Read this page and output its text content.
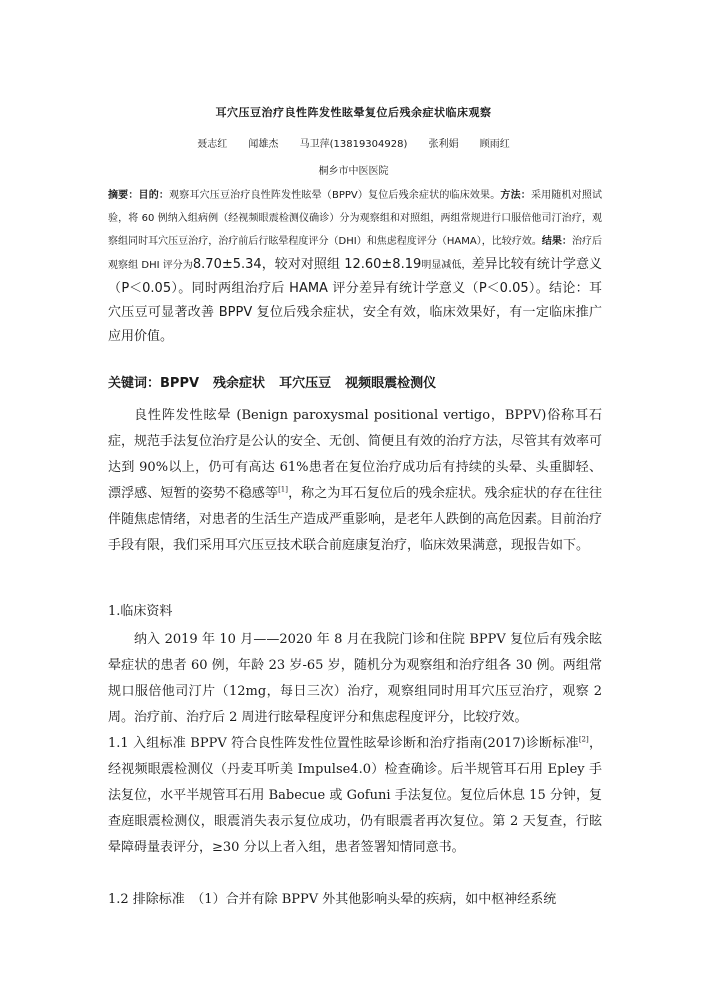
耳穴压豆治疗良性阵发性眩晕复位后残余症状临床观察
聂志红 闻雄杰 马卫萍(13819304928) 张利娟 顾雨红
桐乡市中医医院
摘要：目的：观察耳穴压豆治疗良性阵发性眩晕（BPPV）复位后残余症状的临床效果。方法：采用随机对照试验，将 60 例纳入组病例（经视频眼震检测仪确诊）分为观察组和对照组，两组常规进行口服倍他司汀治疗，观察组同时耳穴压豆治疗，治疗前后行眩晕程度评分（DHI）和焦虑程度评分（HAMA），比较疗效。结果：治疗后观察组 DHI 评分为8.70±5.34，较对对照组 12.60±8.19明显减低，差异比较有统计学意义（P＜0.05）。同时两组治疗后 HAMA 评分差异有统计学意义（P＜0.05）。结论：耳穴压豆可显著改善 BPPV 复位后残余症状，安全有效，临床效果好，有一定临床推广应用价值。
关键词：BPPV 残余症状 耳穴压豆 视频眼震检测仪
良性阵发性眩晕 (Benign paroxysmal positional vertigo，BPPV)俗称耳石症，规范手法复位治疗是公认的安全、无创、简便且有效的治疗方法，尽管其有效率可达到 90%以上，仍可有高达 61%患者在复位治疗成功后有持续的头晕、头重脚轻、漂浮感、短暂的姿势不稳感等[1]，称之为耳石复位后的残余症状。残余症状的存在往往伴随焦虑情绪，对患者的生活生产造成严重影响，是老年人跌倒的高危因素。目前治疗手段有限，我们采用耳穴压豆技术联合前庭康复治疗，临床效果满意，现报告如下。
1.临床资料
纳入 2019 年 10 月——2020 年 8 月在我院门诊和住院 BPPV 复位后有残余眩晕症状的患者 60 例，年龄 23 岁-65 岁，随机分为观察组和治疗组各 30 例。两组常规口服倍他司汀片（12mg，每日三次）治疗，观察组同时用耳穴压豆治疗，观察 2 周。治疗前、治疗后 2 周进行眩晕程度评分和焦虑程度评分，比较疗效。
1.1 入组标准 BPPV 符合良性阵发性位置性眩晕诊断和治疗指南(2017)诊断标准[2]，经视频眼震检测仪（丹麦耳听美 Impulse4.0）检查确诊。后半规管耳石用 Epley 手法复位，水平半规管耳石用 Babecue 或 Gofuni 手法复位。复位后休息 15 分钟，复查庭眼震检测仪，眼震消失表示复位成功，仍有眼震者再次复位。第 2 天复查，行眩晕障碍量表评分，≥30 分以上者入组，患者签署知情同意书。
1.2 排除标准　（1）合并有除 BPPV 外其他影响头晕的疾病，如中枢神经系统
